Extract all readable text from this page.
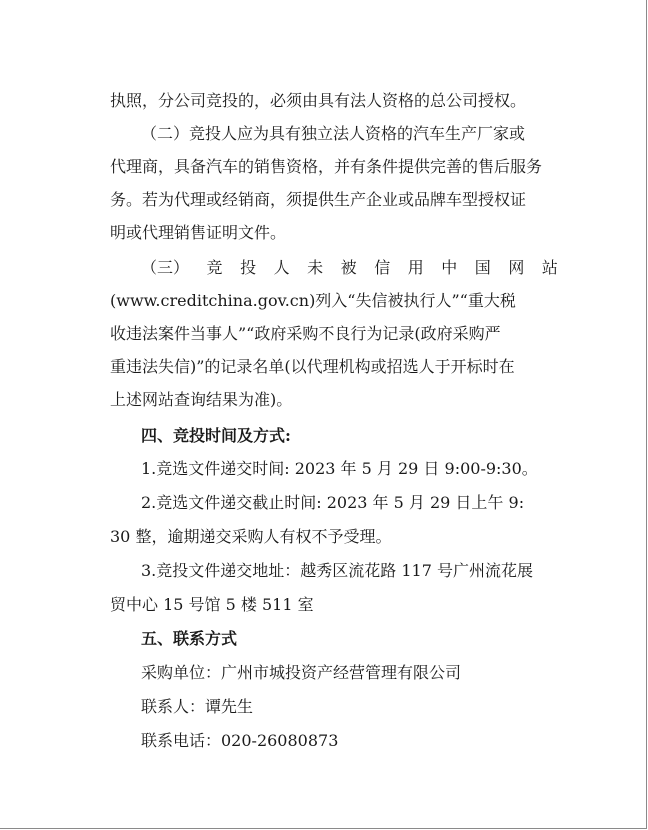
执照，分公司竞投的，必须由具有法人资格的总公司授权。
（二）竞投人应为具有独立法人资格的汽车生产厂家或
代理商，具备汽车的销售资格，并有条件提供完善的售后服务
务。若为代理或经销商，须提供生产企业或品牌车型授权证
明或代理销售证明文件。
（三） 竞 投 人 未 被 信 用 中 国 网 站
(www.creditchina.gov.cn)列入“失信被执行人”“重大税
收违法案件当事人”“政府采购不良行为记录(政府采购严
重违法失信)”的记录名单(以代理机构或招选人于开标时在
上述网站查询结果为准)。
四、竞投时间及方式:
1.竞选文件递交时间: 2023 年 5 月 29 日 9:00-9:30。
2.竞选文件递交截止时间: 2023 年 5 月 29 日上午 9:
30 整，逾期递交采购人有权不予受理。
3.竞投文件递交地址：越秀区流花路 117 号广州流花展
贸中心 15 号馆 5 楼 511 室
五、联系方式
采购单位：广州市城投资产经营管理有限公司
联系人：谭先生
联系电话：020-26080873
